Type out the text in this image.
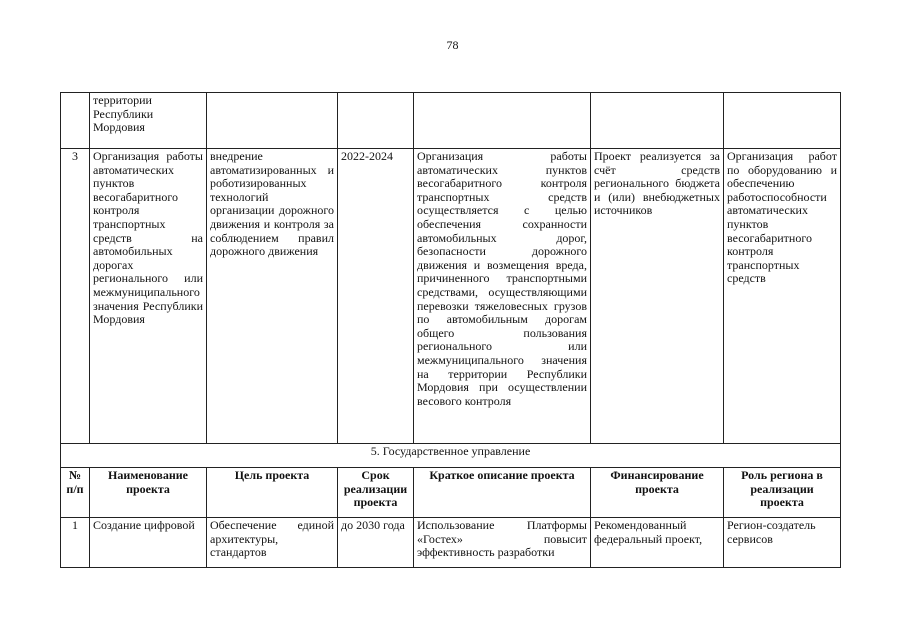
78
	территории Республики Мордовия					
3	Организация работы автоматических пунктов весогабаритного контроля транспортных средств на автомобильных дорогах регионального или межмуниципального значения Республики Мордовия	внедрение автоматизированных и роботизированных технологий организации дорожного движения и контроля за соблюдением правил дорожного движения	2022-2024	Организация работы автоматических пунктов весогабаритного контроля транспортных средств осуществляется с целью обеспечения сохранности автомобильных дорог, безопасности дорожного движения и возмещения вреда, причиненного транспортными средствами, осуществляющими перевозки тяжеловесных грузов по автомобильным дорогам общего пользования регионального или межмуниципального значения на территории Республики Мордовия при осуществлении весового контроля	Проект реализуется за счёт средств регионального бюджета и (или) внебюджетных источников	Организация работ по оборудованию и обеспечению работоспособности автоматических пунктов весогабаритного контроля транспортных средств
5. Государственное управление						
№ п/п	Наименование проекта	Цель проекта	Срок реализации проекта	Краткое описание проекта	Финансирование проекта	Роль региона в реализации проекта
1	Создание цифровой	Обеспечение единой архитектуры, стандартов	до 2030 года	Использование Платформы «Гостех» повысит эффективность разработки	Рекомендованный федеральный проект,	Регион-создатель сервисов
